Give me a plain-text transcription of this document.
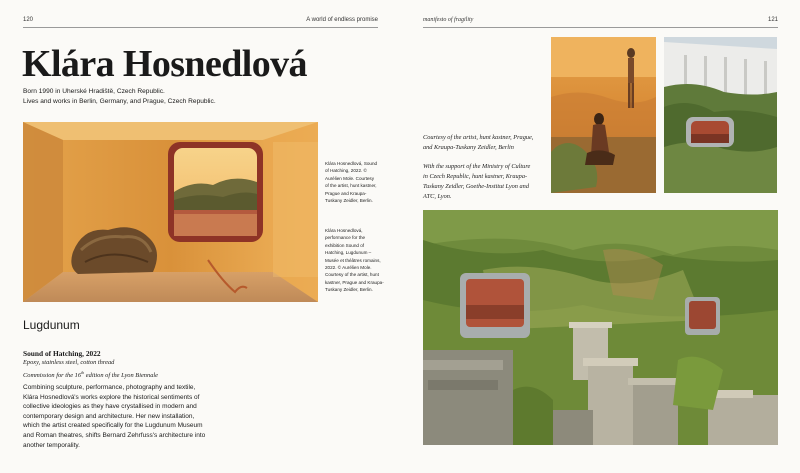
120	A world of endless promise
Klára Hosnedlová
Born 1990 in Uherské Hradiště, Czech Republic.
Lives and works in Berlin, Germany, and Prague, Czech Republic.
Klára Hosnedlová, Sound
of Hatching, 2022. ©
Aurélien Mole. Courtesy
of the artist, hunt kastner,
Prague and Kraupa-
Tuskany Zeidler, Berlin.
Klára Hosnedlová,
performance for the
exhibition Sound of
Hatching, Lugdunum –
Musée et théâtres romains,
2022. © Aurélien Mole.
Courtesy of the artist, hunt
kastner, Prague and Kraupa-
Tuskany Zeidler, Berlin.
Lugdunum
Sound of Hatching, 2022
Epoxy, stainless steel, cotton thread
Commission for the 16th edition of the Lyon Biennale
Combining sculpture, performance, photography and textile,
Klára Hosnedlová's works explore the historical sentiments of
collective ideologies as they have crystallised in modern and
contemporary design and architecture. Her new installation,
which the artist created specifically for the Lugdunum Museum
and Roman theatres, shifts Bernard Zehrfuss's architecture into
another temporality.
manifesto of fragility	121
Courtesy of the artist, hunt kastner, Prague,
and Kraupa-Tuskany Zeidler, Berlin
With the support of the Ministry of Culture
in Czech Republic, hunt kastner, Kraupa-
Tuskany Zeidler, Goethe-Institut Lyon and
ATC, Lyon.
